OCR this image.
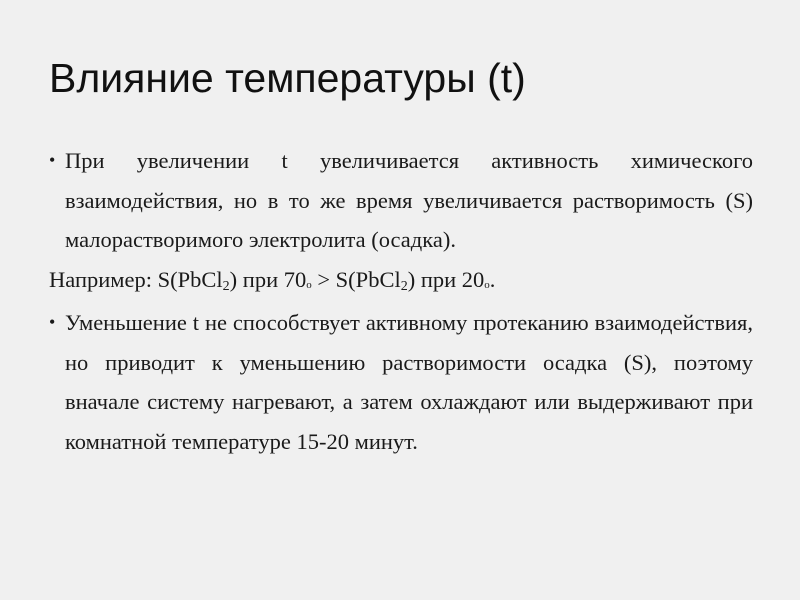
Влияние температуры (t)
• При увеличении t увеличивается активность химического взаимодействия, но в то же время увеличивается растворимость (S) малорастворимого электролита (осадка).
Например: S(PbCl$_2$) при 70о > S(PbCl$_2$) при 20о.
• Уменьшение t не способствует активному протеканию взаимодействия, но приводит к уменьшению растворимости осадка (S), поэтому вначале систему нагревают, а затем охлаждают или выдерживают при комнатной температуре 15-20 минут.
